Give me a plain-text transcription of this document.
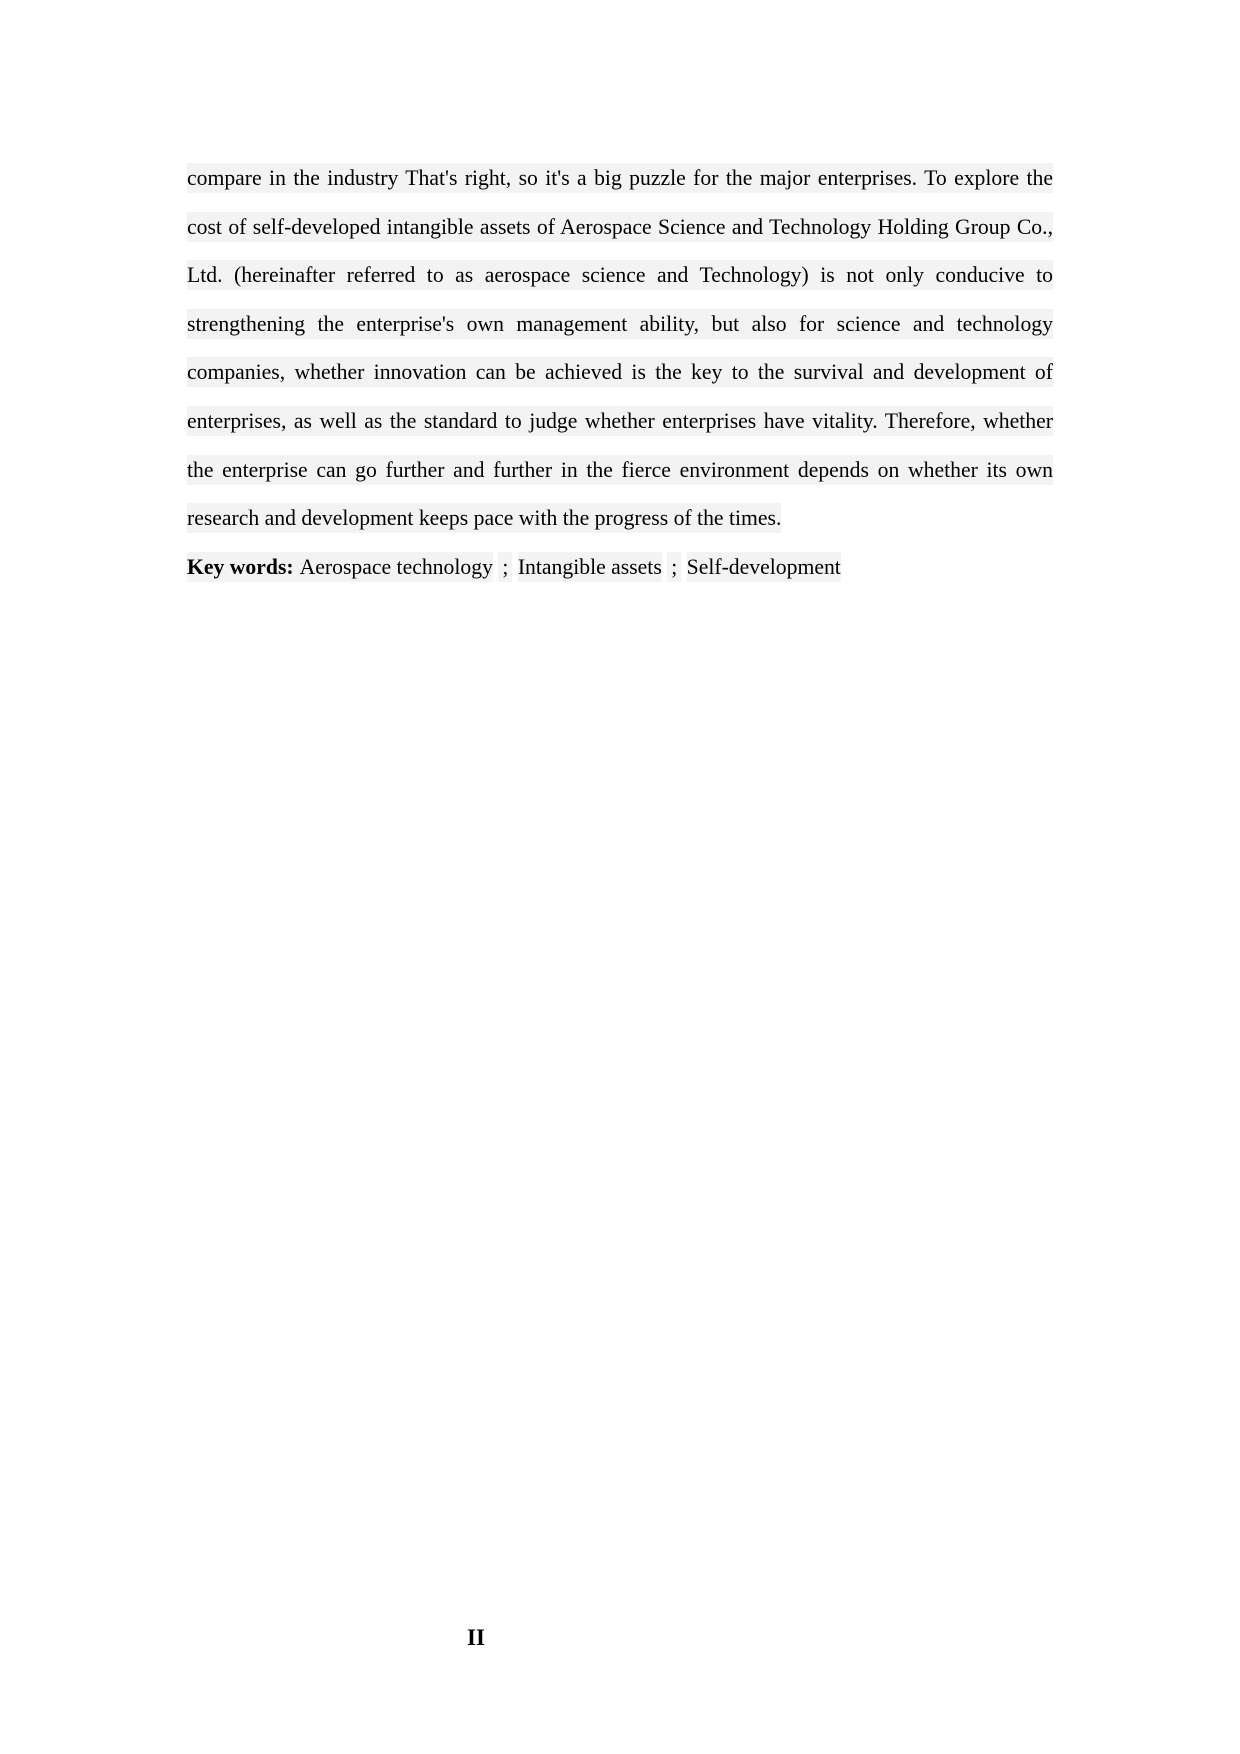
compare in the industry That's right, so it's a big puzzle for the major enterprises. To explore the
cost of self-developed intangible assets of Aerospace Science and Technology Holding Group Co.,
Ltd. (hereinafter referred to as aerospace science and Technology) is not only conducive to
strengthening the enterprise's own management ability, but also for science and technology
companies, whether innovation can be achieved is the key to the survival and development of
enterprises, as well as the standard to judge whether enterprises have vitality. Therefore, whether
the enterprise can go further and further in the fierce environment depends on whether its own
research and development keeps pace with the progress of the times.
Key words: Aerospace technology ; Intangible assets ; Self-development
II
